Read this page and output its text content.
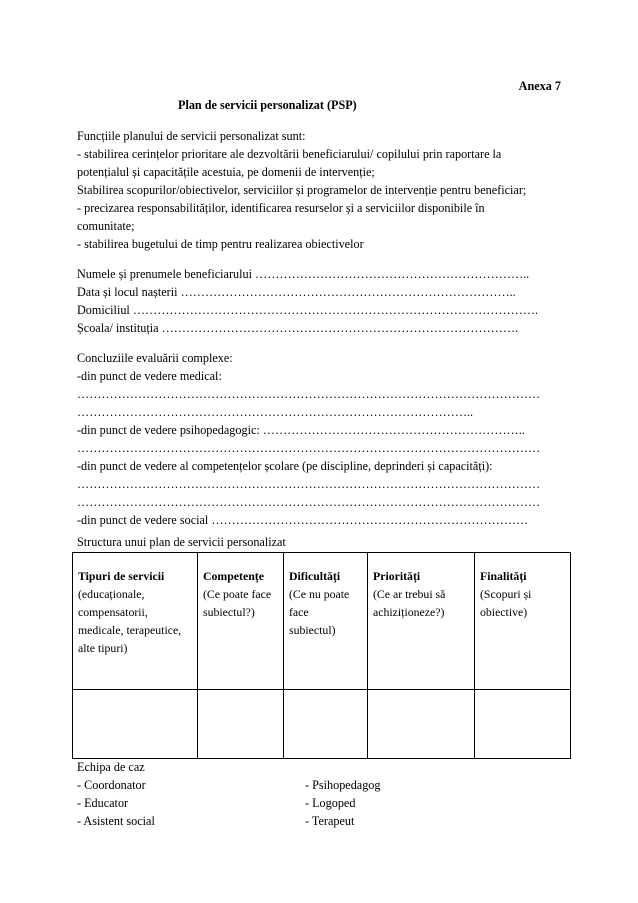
Anexa 7
Plan de servicii personalizat (PSP)
Funcțiile planului de servicii personalizat sunt:
- stabilirea cerințelor prioritare ale dezvoltării beneficiarului/ copilului prin raportare la
potențialul și capacitățile acestuia, pe domenii de intervenție;
Stabilirea scopurilor/obiectivelor, serviciilor și programelor de intervenție pentru beneficiar;
- precizarea responsabilităților, identificarea resurselor și a serviciilor disponibile în
comunitate;
- stabilirea bugetului de timp pentru realizarea obiectivelor
Numele și prenumele beneficiarului …………………………………………………………..
Data și locul nașterii ………………………………………………………………………..
Domiciliul ……………………………………………………………………………………….
Școala/ instituția …………………………………………………………………………….
Concluziile evaluării complexe:
-din punct de vedere medical:
……………………………………………………………………………………………………
……………………………………………………………………………………..
-din punct de vedere psihopedagogic: ………………………………………………………..
……………………………………………………………………………………………………
-din punct de vedere al competențelor școlare (pe discipline, deprinderi și capacități):
……………………………………………………………………………………………………
……………………………………………………………………………………………………
-din punct de vedere social ……………………………………………………………………
Structura unui plan de servicii personalizat
Tipuri de servicii
(educaționale,
compensatorii,
medicale, terapeutice,
alte tipuri)	Competențe
(Ce poate face
subiectul?)	Dificultăți
(Ce nu poate
face
subiectul)	Priorități
(Ce ar trebui să
achiziționeze?)	Finalități
(Scopuri și
obiective)

Echipa de caz
- Coordonator
- Educator
- Asistent social
- Psihopedagog
- Logoped
- Terapeut
